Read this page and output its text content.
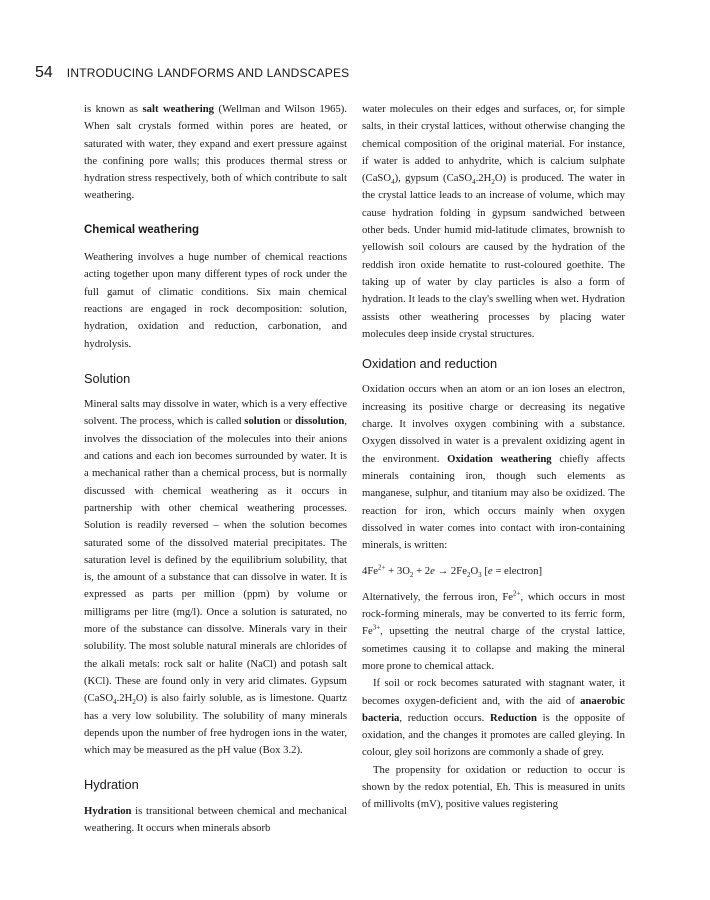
54 INTRODUCING LANDFORMS AND LANDSCAPES

is known as salt weathering (Wellman and Wilson 1965). When salt crystals formed within pores are heated, or saturated with water, they expand and exert pressure against the confining pore walls; this produces thermal stress or hydration stress respectively, both of which contribute to salt weathering.

Chemical weathering

Weathering involves a huge number of chemical reactions acting together upon many different types of rock under the full gamut of climatic conditions. Six main chemical reactions are engaged in rock decomposition: solution, hydration, oxidation and reduction, carbonation, and hydrolysis.

Solution

Mineral salts may dissolve in water, which is a very effective solvent. The process, which is called solution or dissolution, involves the dissociation of the molecules into their anions and cations and each ion becomes surrounded by water. It is a mechanical rather than a chemical process, but is normally discussed with chemical weathering as it occurs in partnership with other chemical weathering processes. Solution is readily reversed – when the solution becomes saturated some of the dissolved material precipitates. The saturation level is defined by the equilibrium solubility, that is, the amount of a substance that can dissolve in water. It is expressed as parts per million (ppm) by volume or milligrams per litre (mg/l). Once a solution is saturated, no more of the substance can dissolve. Minerals vary in their solubility. The most soluble natural minerals are chlorides of the alkali metals: rock salt or halite (NaCl) and potash salt (KCl). These are found only in very arid climates. Gypsum $(CaSO_4.2H_2O)$ is also fairly soluble, as is limestone. Quartz has a very low solubility. The solubility of many minerals depends upon the number of free hydrogen ions in the water, which may be measured as the pH value (Box 3.2).

Hydration

Hydration is transitional between chemical and mechanical weathering. It occurs when minerals absorb

water molecules on their edges and surfaces, or, for simple salts, in their crystal lattices, without otherwise changing the chemical composition of the original material. For instance, if water is added to anhydrite, which is calcium sulphate (CaSO$_4$), gypsum $(CaSO_4.2H_2O)$ is produced. The water in the crystal lattice leads to an increase of volume, which may cause hydration folding in gypsum sandwiched between other beds. Under humid mid-latitude climates, brownish to yellowish soil colours are caused by the hydration of the reddish iron oxide hematite to rust-coloured goethite. The taking up of water by clay particles is also a form of hydration. It leads to the clay's swelling when wet. Hydration assists other weathering processes by placing water molecules deep inside crystal structures.

Oxidation and reduction

Oxidation occurs when an atom or an ion loses an electron, increasing its positive charge or decreasing its negative charge. It involves oxygen combining with a substance. Oxygen dissolved in water is a prevalent oxidizing agent in the environment. Oxidation weathering chiefly affects minerals containing iron, though such elements as manganese, sulphur, and titanium may also be oxidized. The reaction for iron, which occurs mainly when oxygen dissolved in water comes into contact with iron-containing minerals, is written:

$4Fe^{2+} + 3O_2 + 2e \to 2Fe_2O_3$ [e = electron]

Alternatively, the ferrous iron, $Fe^{2+}$, which occurs in most rock-forming minerals, may be converted to its ferric form, $Fe^{3+}$, upsetting the neutral charge of the crystal lattice, sometimes causing it to collapse and making the mineral more prone to chemical attack.

If soil or rock becomes saturated with stagnant water, it becomes oxygen-deficient and, with the aid of anaerobic bacteria, reduction occurs. Reduction is the opposite of oxidation, and the changes it promotes are called gleying. In colour, gley soil horizons are commonly a shade of grey.

The propensity for oxidation or reduction to occur is shown by the redox potential, Eh. This is measured in units of millivolts (mV), positive values registering
